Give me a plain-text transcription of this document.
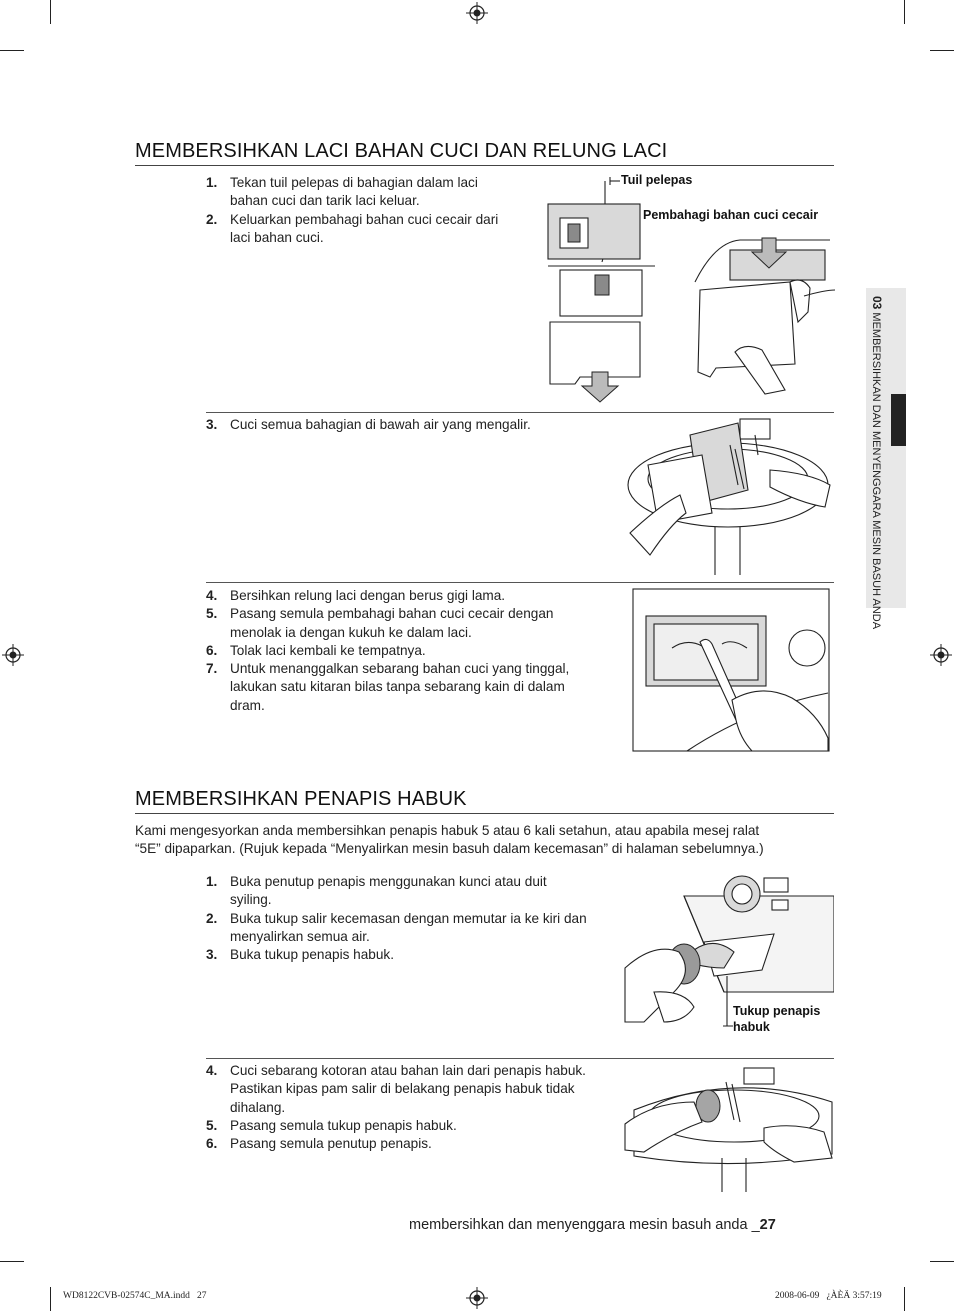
03 MEMBERSIHKAN DAN MENYENGGARA MESIN BASUH ANDA
MEMBERSIHKAN LACI BAHAN CUCI DAN RELUNG LACI
1. Tekan tuil pelepas di bahagian dalam laci
bahan cuci dan tarik laci keluar.
2. Keluarkan pembahagi bahan cuci cecair dari
laci bahan cuci.
Tuil pelepas
Pembahagi bahan cuci cecair
3. Cuci semua bahagian di bawah air yang mengalir.
4. Bersihkan relung laci dengan berus gigi lama.
5. Pasang semula pembahagi bahan cuci cecair dengan
menolak ia dengan kukuh ke dalam laci.
6. Tolak laci kembali ke tempatnya.
7. Untuk menanggalkan sebarang bahan cuci yang tinggal,
lakukan satu kitaran bilas tanpa sebarang kain di dalam
dram.
MEMBERSIHKAN PENAPIS HABUK
Kami mengesyorkan anda membersihkan penapis habuk 5 atau 6 kali setahun, atau apabila mesej ralat
“5E” dipaparkan. (Rujuk kepada “Menyalirkan mesin basuh dalam kecemasan” di halaman sebelumnya.)
1. Buka penutup penapis menggunakan kunci atau duit
syiling.
2. Buka tukup salir kecemasan dengan memutar ia ke kiri dan
menyalirkan semua air.
3. Buka tukup penapis habuk.
Tukup penapis
habuk
4. Cuci sebarang kotoran atau bahan lain dari penapis habuk.
Pastikan kipas pam salir di belakang penapis habuk tidak
dihalang.
5. Pasang semula tukup penapis habuk.
6. Pasang semula penutup penapis.
membersihkan dan menyenggara mesin basuh anda _27
WD8122CVB-02574C_MA.indd   27	2008-06-09   ¿ÀÈÄ 3:57:19
